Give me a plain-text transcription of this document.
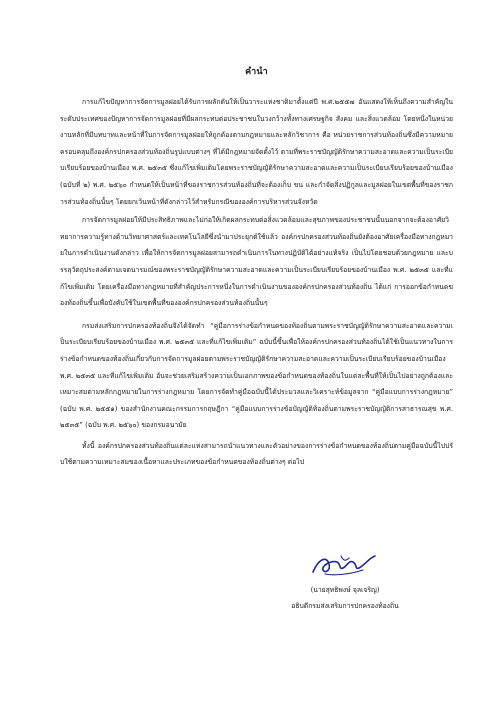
คำนำ

การแก้ไขปัญหาการจัดการมูลฝอยได้รับการผลักดันให้เป็นวาระแห่งชาติมาตั้งแต่ปี พ.ศ.๒๕๕๗ อันแสดงให้เห็นถึงความสำคัญในระดับประเทศของปัญหาการจัดการมูลฝอยที่มีผลกระทบต่อประชาชนในวงกว้างทั้งทางเศรษฐกิจ สังคม และสิ่งแวดล้อม โดยหนึ่งในหน่วยงานหลักที่มีบทบาทและหน้าที่ในการจัดการมูลฝอยให้ถูกต้องตามกฎหมายและหลักวิชาการ คือ หน่วยราชการส่วนท้องถิ่นซึ่งมีความหมายครอบคลุมถึงองค์กรปกครองส่วนท้องถิ่นรูปแบบต่างๆ ที่ได้มีกฎหมายจัดตั้งไว้ ตามที่พระราชบัญญัติรักษาความสะอาดและความเป็นระเบียบเรียบร้อยของบ้านเมือง พ.ศ. ๒๕๓๕ ซึ่งแก้ไขเพิ่มเติมโดยพระราชบัญญัติรักษาความสะอาดและความเป็นระเบียบเรียบร้อยของบ้านเมือง (ฉบับที่ ๒) พ.ศ. ๒๕๖๐ กำหนดให้เป็นหน้าที่ของราชการส่วนท้องถิ่นที่จะต้องเก็บ ขน และกำจัดสิ่งปฏิกูลและมูลฝอยในเขตพื้นที่ของราชการส่วนท้องถิ่นนั้นๆ โดยยกเว้นหน้าที่ดังกล่าวไว้สำหรับกรณีขององค์การบริหารส่วนจังหวัด

การจัดการมูลฝอยให้มีประสิทธิภาพและไม่ก่อให้เกิดผลกระทบต่อสิ่งแวดล้อมและสุขภาพของประชาชนนั้นนอกจากจะต้องอาศัยวิทยาการความรู้ทางด้านวิทยาศาสตร์และเทคโนโลยีซึ่งนำมาประยุกต์ใช้แล้ว องค์กรปกครองส่วนท้องถิ่นยังต้องอาศัยเครื่องมือทางกฎหมายในการดำเนินงานดังกล่าว เพื่อให้การจัดการมูลฝอยสามารถดำเนินการในทางปฏิบัติได้อย่างแท้จริง เป็นไปโดยชอบด้วยกฎหมาย และบรรลุวัตถุประสงค์ตามเจตนารมณ์ของพระราชบัญญัติรักษาความสะอาดและความเป็นระเบียบเรียบร้อยของบ้านเมือง พ.ศ. ๒๕๓๕ และที่แก้ไขเพิ่มเติม โดยเครื่องมือทางกฎหมายที่สำคัญประการหนึ่งในการดำเนินงานขององค์กรปกครองส่วนท้องถิ่น ได้แก่ การออกข้อกำหนดของท้องถิ่นขึ้นเพื่อบังคับใช้ในเขตพื้นที่ขององค์กรปกครองส่วนท้องถิ่นนั้นๆ

กรมส่งเสริมการปกครองท้องถิ่นจึงได้จัดทำ “คู่มือการร่างข้อกำหนดของท้องถิ่นตามพระราชบัญญัติรักษาความสะอาดและความเป็นระเบียบเรียบร้อยของบ้านเมือง พ.ศ. ๒๕๓๕ และที่แก้ไขเพิ่มเติม” ฉบับนี้ขึ้นเพื่อให้องค์กรปกครองส่วนท้องถิ่นได้ใช้เป็นแนวทางในการร่างข้อกำหนดของท้องถิ่นเกี่ยวกับการจัดการมูลฝอยตามพระราชบัญญัติรักษาความสะอาดและความเป็นระเบียบเรียบร้อยของบ้านเมือง พ.ศ. ๒๕๓๕ และที่แก้ไขเพิ่มเติม อันจะช่วยเสริมสร้างความเป็นเอกภาพของข้อกำหนดของท้องถิ่นในแต่ละพื้นที่ให้เป็นไปอย่างถูกต้องและเหมาะสมตามหลักกฎหมายในการร่างกฎหมาย โดยการจัดทำคู่มือฉบับนี้ได้ประมวลและวิเคราะห์ข้อมูลจาก “คู่มือแบบการร่างกฎหมาย” (ฉบับ พ.ศ. ๒๕๕๑) ของสำนักงานคณะกรรมการกฤษฎีกา “คู่มือแบบการร่างข้อบัญญัติท้องถิ่นตามพระราชบัญญัติการสาธารณสุข พ.ศ. ๒๕๓๕” (ฉบับ พ.ศ. ๒๕๖๐) ของกรมอนามัย

ทั้งนี้ องค์กรปกครองส่วนท้องถิ่นแต่ละแห่งสามารถนำแนวทางและตัวอย่างของการร่างข้อกำหนดของท้องถิ่นตามคู่มือฉบับนี้ไปปรับใช้ตามความเหมาะสมของเนื้อหาและประเภทของข้อกำหนดของท้องถิ่นต่างๆ ต่อไป

(นายสุทธิพงษ์ จุลเจริญ)
อธิบดีกรมส่งเสริมการปกครองท้องถิ่น
